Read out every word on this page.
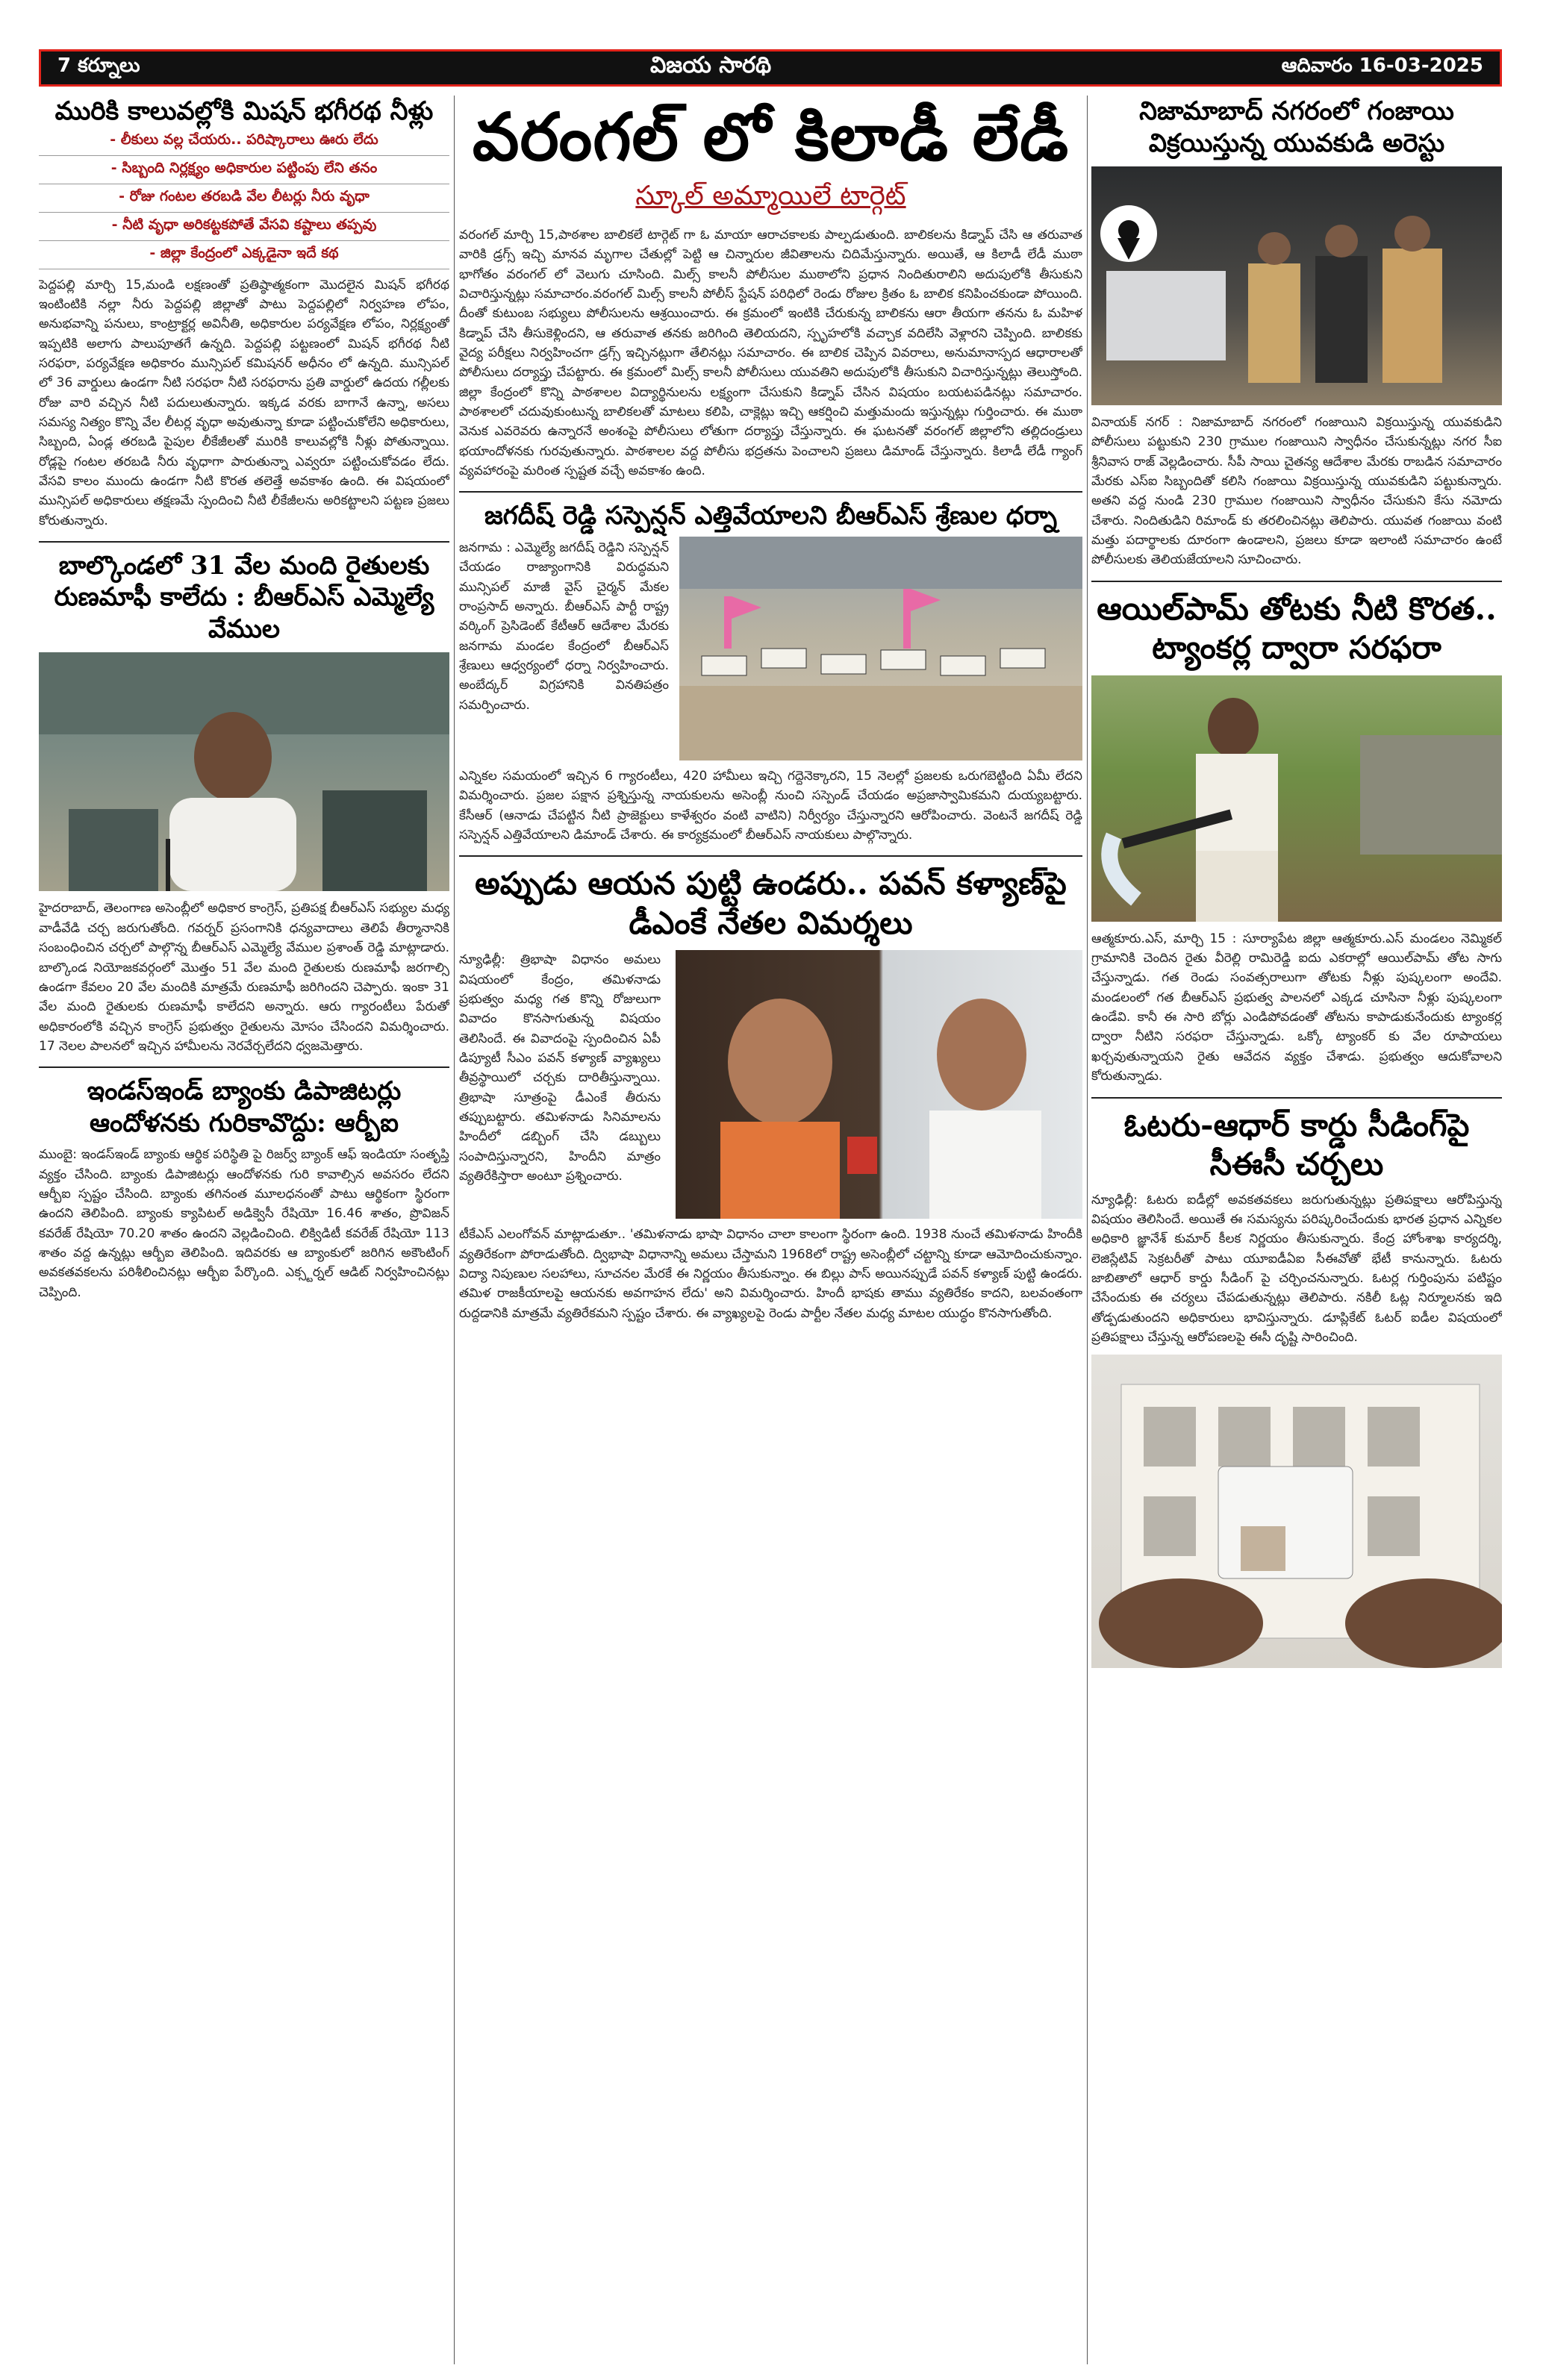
7 కర్నూలు	విజయ సారథి	ఆదివారం 16-03-2025
మురికి కాలువల్లోకి మిషన్ భగీరథ నీళ్లు
- లీకులు వల్ల చేయరు.. పరిష్కారాలు ఊరు లేదు
- సిబ్బంది నిర్లక్ష్యం అధికారుల పట్టింపు లేని తనం
- రోజు గంటల తరబడి వేల లీటర్లు నీరు వృధా
- నీటి వృధా అరికట్టకపోతే వేసవి కష్టాలు తప్పవు
- జిల్లా కేంద్రంలో ఎక్కడైనా ఇదే కథ

పెద్దపల్లి మార్చి 15,మండి లక్షణంతో ప్రతిష్ఠాత్మకంగా మొదలైన మిషన్ భగీరథ ఇంటింటికి నల్లా నీరు పెద్దపల్లి జిల్లాతో పాటు పెద్దపల్లిలో నిర్వహణ లోపం, అనుభవాన్ని పనులు, కాంట్రాక్టర్ల అవినీతి, అధికారుల పర్యవేక్షణ లోపం, నిర్లక్ష్యంతో ఇప్పటికి అలాగు పాలుపూతగే ఉన్నది. పెద్దపల్లి పట్టణంలో మిషన్ భగీరథ నీటి సరఫరా, పర్యవేక్షణ అధికారం మున్సిపల్ కమిషనర్ అధీనం లో ఉన్నది. మున్సిపల్ లో 36 వార్డులు ఉండగా నీటి సరఫరా నీటి సరఫరాను ప్రతి వార్డులో ఉదయ గల్లీలకు రోజు వారి వచ్చిన నీటి పదులుతున్నారు. ఇక్కడ వరకు బాగానే ఉన్నా, అసలు సమస్య నిత్యం కొన్ని వేల లీటర్ల వృధా అవుతున్నా కూడా పట్టించుకోలేని అధికారులు, సిబ్బంది, ఏండ్ల తరబడి పైపుల లీకేజీలతో మురికి కాలువల్లోకి నీళ్లు పోతున్నాయి. రోడ్లపై గంటల తరబడి నీరు వృధాగా పారుతున్నా ఎవ్వరూ పట్టించుకోవడం లేదు. వేసవి కాలం ముందు ఉండగా నీటి కొరత తలెత్తే అవకాశం ఉంది. ఈ విషయంలో మున్సిపల్ అధికారులు తక్షణమే స్పందించి నీటి లీకేజీలను అరికట్టాలని పట్టణ ప్రజలు కోరుతున్నారు.

బాల్కొండలో 31 వేల మంది రైతులకు రుణమాఫీ కాలేదు : బీఆర్ఎస్ ఎమ్మెల్యే వేముల

హైదరాబాద్, తెలంగాణ అసెంబ్లీలో అధికార కాంగ్రెస్, ప్రతిపక్ష బీఆర్ఎస్ సభ్యుల మధ్య వాడీవేడి చర్చ జరుగుతోంది. గవర్నర్ ప్రసంగానికి ధన్యవాదాలు తెలిపే తీర్మానానికి సంబంధించిన చర్చలో పాల్గొన్న బీఆర్ఎస్ ఎమ్మెల్యే వేముల ప్రశాంత్ రెడ్డి మాట్లాడారు. బాల్కొండ నియోజకవర్గంలో మొత్తం 51 వేల మంది రైతులకు రుణమాఫీ జరగాల్సి ఉండగా కేవలం 20 వేల మందికి మాత్రమే రుణమాఫీ జరిగిందని చెప్పారు. ఇంకా 31 వేల మంది రైతులకు రుణమాఫీ కాలేదని అన్నారు. ఆరు గ్యారంటీలు పేరుతో అధికారంలోకి వచ్చిన కాంగ్రెస్ ప్రభుత్వం రైతులను మోసం చేసిందని విమర్శించారు. 17 నెలల పాలనలో ఇచ్చిన హామీలను నెరవేర్చలేదని ధ్వజమెత్తారు.

ఇండస్ఇండ్ బ్యాంకు డిపాజిటర్లు ఆందోళనకు గురికావొద్దు: ఆర్బీఐ

ముంబై: ఇండస్ఇండ్ బ్యాంకు ఆర్థిక పరిస్థితి పై రిజర్వ్ బ్యాంక్ ఆఫ్ ఇండియా సంతృప్తి వ్యక్తం చేసింది. బ్యాంకు డిపాజిటర్లు ఆందోళనకు గురి కావాల్సిన అవసరం లేదని ఆర్బీఐ స్పష్టం చేసింది. బ్యాంకు తగినంత మూలధనంతో పాటు ఆర్థికంగా స్థిరంగా ఉందని తెలిపింది. బ్యాంకు క్యాపిటల్ అడిక్వెసీ రేషియో 16.46 శాతం, ప్రొవిజన్ కవరేజ్ రేషియో 70.20 శాతం ఉందని వెల్లడించింది. లిక్విడిటీ కవరేజ్ రేషియో 113 శాతం వద్ద ఉన్నట్లు ఆర్బీఐ తెలిపింది. ఇదివరకు ఆ బ్యాంకులో జరిగిన అకౌంటింగ్ అవకతవకలను పరిశీలించినట్లు ఆర్బీఐ పేర్కొంది. ఎక్స్టర్నల్ ఆడిట్ నిర్వహించినట్లు చెప్పింది.

వరంగల్ లో కిలాడీ లేడీ
స్కూల్ అమ్మాయిలే టార్గెట్

వరంగల్ మార్చి 15,పాఠశాల బాలికలే టార్గెట్ గా ఓ మాయా ఆరాచకాలకు పాల్పడుతుంది. బాలికలను కిడ్నాప్ చేసి ఆ తరువాత వారికి డ్రగ్స్ ఇచ్చి మానవ మృగాల చేతుల్లో పెట్టి ఆ చిన్నారుల జీవితాలను చిదిమేస్తున్నారు. అయితే, ఆ కిలాడీ లేడీ ముఠా భాగోతం వరంగల్ లో వెలుగు చూసింది. మిల్స్ కాలనీ పోలీసుల ముఠాలోని ప్రధాన నిందితురాలిని అదుపులోకి తీసుకుని విచారిస్తున్నట్లు సమాచారం.వరంగల్ మిల్స్ కాలనీ పోలీస్ స్టేషన్ పరిధిలో రెండు రోజుల క్రితం ఓ బాలిక కనిపించకుండా పోయింది. దీంతో కుటుంబ సభ్యులు పోలీసులను ఆశ్రయించారు. ఈ క్రమంలో ఇంటికి చేరుకున్న బాలికను ఆరా తీయగా తనను ఓ మహిళ కిడ్నాప్ చేసి తీసుకెళ్లిందని, ఆ తరువాత తనకు జరిగింది తెలియదని, స్పృహలోకి వచ్చాక వదిలేసి వెళ్లారని చెప్పింది. బాలికకు వైద్య పరీక్షలు నిర్వహించగా డ్రగ్స్ ఇచ్చినట్లుగా తేలినట్లు సమాచారం. ఈ బాలిక చెప్పిన వివరాలు, అనుమానాస్పద ఆధారాలతో పోలీసులు దర్యాప్తు చేపట్టారు. ఈ క్రమంలో మిల్స్ కాలనీ పోలీసులు యువతిని అదుపులోకి తీసుకుని విచారిస్తున్నట్లు తెలుస్తోంది. జిల్లా కేంద్రంలో కొన్ని పాఠశాలల విద్యార్థినులను లక్ష్యంగా చేసుకుని కిడ్నాప్ చేసిన విషయం బయటపడినట్లు సమాచారం. పాఠశాలలో చదువుకుంటున్న బాలికలతో మాటలు కలిపి, చాక్లెట్లు ఇచ్చి ఆకర్షించి మత్తుమందు ఇస్తున్నట్లు గుర్తించారు. ఈ ముఠా వెనుక ఎవరెవరు ఉన్నారనే అంశంపై పోలీసులు లోతుగా దర్యాప్తు చేస్తున్నారు. ఈ ఘటనతో వరంగల్ జిల్లాలోని తల్లిదండ్రులు భయాందోళనకు గురవుతున్నారు. పాఠశాలల వద్ద పోలీసు భద్రతను పెంచాలని ప్రజలు డిమాండ్ చేస్తున్నారు. కిలాడీ లేడీ గ్యాంగ్ వ్యవహారంపై మరింత స్పష్టత వచ్చే అవకాశం ఉంది.

జగదీష్ రెడ్డి సస్పెన్షన్ ఎత్తివేయాలని బీఆర్ఎస్ శ్రేణుల ధర్నా

జనగామ : ఎమ్మెల్యే జగదీష్ రెడ్డిని సస్పెన్షన్ చేయడం రాజ్యాంగానికి విరుద్ధమని మున్సిపల్ మాజీ వైస్ చైర్మన్ మేకల రాంప్రసాద్ అన్నారు. బీఆర్ఎస్ పార్టీ రాష్ట్ర వర్కింగ్ ప్రెసిడెంట్ కేటీఆర్ ఆదేశాల మేరకు జనగామ మండల కేంద్రంలో బీఆర్ఎస్ శ్రేణులు ఆధ్వర్యంలో ధర్నా నిర్వహించారు. అంబేద్కర్ విగ్రహానికి వినతిపత్రం సమర్పించారు.

ఎన్నికల సమయంలో ఇచ్చిన 6 గ్యారంటీలు, 420 హామీలు ఇచ్చి గద్దెనెక్కారని, 15 నెలల్లో ప్రజలకు ఒరుగబెట్టింది ఏమీ లేదని విమర్శించారు. ప్రజల పక్షాన ప్రశ్నిస్తున్న నాయకులను అసెంబ్లీ నుంచి సస్పెండ్ చేయడం అప్రజాస్వామికమని దుయ్యబట్టారు. కేసీఆర్ (ఆనాడు చేపట్టిన నీటి ప్రాజెక్టులు కాళేశ్వరం వంటి వాటిని) నిర్వీర్యం చేస్తున్నారని ఆరోపించారు. వెంటనే జగదీష్ రెడ్డి సస్పెన్షన్ ఎత్తివేయాలని డిమాండ్ చేశారు. ఈ కార్యక్రమంలో బీఆర్ఎస్ నాయకులు పాల్గొన్నారు.

అప్పుడు ఆయన పుట్టి ఉండరు.. పవన్ కళ్యాణ్‌పై డీఎంకే నేతల విమర్శలు

న్యూఢిల్లీ: త్రిభాషా విధానం అమలు విషయంలో కేంద్రం, తమిళనాడు ప్రభుత్వం మధ్య గత కొన్ని రోజులుగా వివాదం కొనసాగుతున్న విషయం తెలిసిందే. ఈ వివాదంపై స్పందించిన ఏపీ డిప్యూటీ సీఎం పవన్ కళ్యాణ్ వ్యాఖ్యలు తీవ్రస్థాయిలో చర్చకు దారితీస్తున్నాయి. త్రిభాషా సూత్రంపై డీఎంకే తీరును తప్పుబట్టారు. తమిళనాడు సినిమాలను హిందీలో డబ్బింగ్ చేసి డబ్బులు సంపాదిస్తున్నారని, హిందీని మాత్రం వ్యతిరేకిస్తారా అంటూ ప్రశ్నించారు.

టీకేఎస్ ఎలంగోవన్ మాట్లాడుతూ.. 'తమిళనాడు భాషా విధానం చాలా కాలంగా స్థిరంగా ఉంది. 1938 నుంచే తమిళనాడు హిందీకి వ్యతిరేకంగా పోరాడుతోంది. ద్విభాషా విధానాన్ని అమలు చేస్తామని 1968లో రాష్ట్ర అసెంబ్లీలో చట్టాన్ని కూడా ఆమోదించుకున్నాం. విద్యా నిపుణుల సలహాలు, సూచనల మేరకే ఈ నిర్ణయం తీసుకున్నాం. ఈ బిల్లు పాస్ అయినప్పుడే పవన్ కళ్యాణ్ పుట్టి ఉండరు. తమిళ రాజకీయాలపై ఆయనకు అవగాహన లేదు' అని విమర్శించారు. హిందీ భాషకు తాము వ్యతిరేకం కాదని, బలవంతంగా రుద్దడానికి మాత్రమే వ్యతిరేకమని స్పష్టం చేశారు. ఈ వ్యాఖ్యలపై రెండు పార్టీల నేతల మధ్య మాటల యుద్ధం కొనసాగుతోంది.

నిజామాబాద్ నగరంలో గంజాయి విక్రయిస్తున్న యువకుడి అరెస్టు

వినాయక్ నగర్ : నిజామాబాద్ నగరంలో గంజాయిని విక్రయిస్తున్న యువకుడిని పోలీసులు పట్టుకుని 230 గ్రాముల గంజాయిని స్వాధీనం చేసుకున్నట్లు నగర సీఐ శ్రీనివాస రాజ్ వెల్లడించారు. సీపీ సాయి చైతన్య ఆదేశాల మేరకు రాబడిన సమాచారం మేరకు ఎస్ఐ సిబ్బందితో కలిసి గంజాయి విక్రయిస్తున్న యువకుడిని పట్టుకున్నారు. అతని వద్ద నుండి 230 గ్రాముల గంజాయిని స్వాధీనం చేసుకుని కేసు నమోదు చేశారు. నిందితుడిని రిమాండ్ కు తరలించినట్లు తెలిపారు. యువత గంజాయి వంటి మత్తు పదార్థాలకు దూరంగా ఉండాలని, ప్రజలు కూడా ఇలాంటి సమాచారం ఉంటే పోలీసులకు తెలియజేయాలని సూచించారు.

ఆయిల్‌పామ్ తోటకు నీటి కొరత.. ట్యాంకర్ల ద్వారా సరఫరా

ఆత్మకూరు.ఎస్, మార్చి 15 : సూర్యాపేట జిల్లా ఆత్మకూరు.ఎస్ మండలం నెమ్మికల్ గ్రామానికి చెందిన రైతు వీరెల్లి రామిరెడ్డి ఐదు ఎకరాల్లో ఆయిల్‌పామ్ తోట సాగు చేస్తున్నాడు. గత రెండు సంవత్సరాలుగా తోటకు నీళ్లు పుష్కలంగా అందేవి. మండలంలో గత బీఆర్ఎస్ ప్రభుత్వ పాలనలో ఎక్కడ చూసినా నీళ్లు పుష్కలంగా ఉండేవి. కానీ ఈ సారి బోర్లు ఎండిపోవడంతో తోటను కాపాడుకునేందుకు ట్యాంకర్ల ద్వారా నీటిని సరఫరా చేస్తున్నాడు. ఒక్కో ట్యాంకర్ కు వేల రూపాయలు ఖర్చవుతున్నాయని రైతు ఆవేదన వ్యక్తం చేశాడు. ప్రభుత్వం ఆదుకోవాలని కోరుతున్నాడు.

ఓటరు-ఆధార్ కార్డు సీడింగ్‌పై సీఈసీ చర్చలు

న్యూఢిల్లీ: ఓటరు ఐడీల్లో అవకతవకలు జరుగుతున్నట్లు ప్రతిపక్షాలు ఆరోపిస్తున్న విషయం తెలిసిందే. అయితే ఈ సమస్యను పరిష్కరించేందుకు భారత ప్రధాన ఎన్నికల అధికారి జ్ఞానేశ్ కుమార్ కీలక నిర్ణయం తీసుకున్నారు. కేంద్ర హోంశాఖ కార్యదర్శి, లెజిస్లేటివ్ సెక్రటరీతో పాటు యూఐడీఏఐ సీఈవోతో భేటీ కానున్నారు. ఓటరు జాబితాలో ఆధార్ కార్డు సీడింగ్ పై చర్చించనున్నారు. ఓటర్ల గుర్తింపును పటిష్టం చేసేందుకు ఈ చర్యలు చేపడుతున్నట్లు తెలిపారు. నకిలీ ఓట్ల నిర్మూలనకు ఇది తోడ్పడుతుందని అధికారులు భావిస్తున్నారు. డూప్లికేట్ ఓటర్ ఐడీల విషయంలో ప్రతిపక్షాలు చేస్తున్న ఆరోపణలపై ఈసీ దృష్టి సారించింది.
